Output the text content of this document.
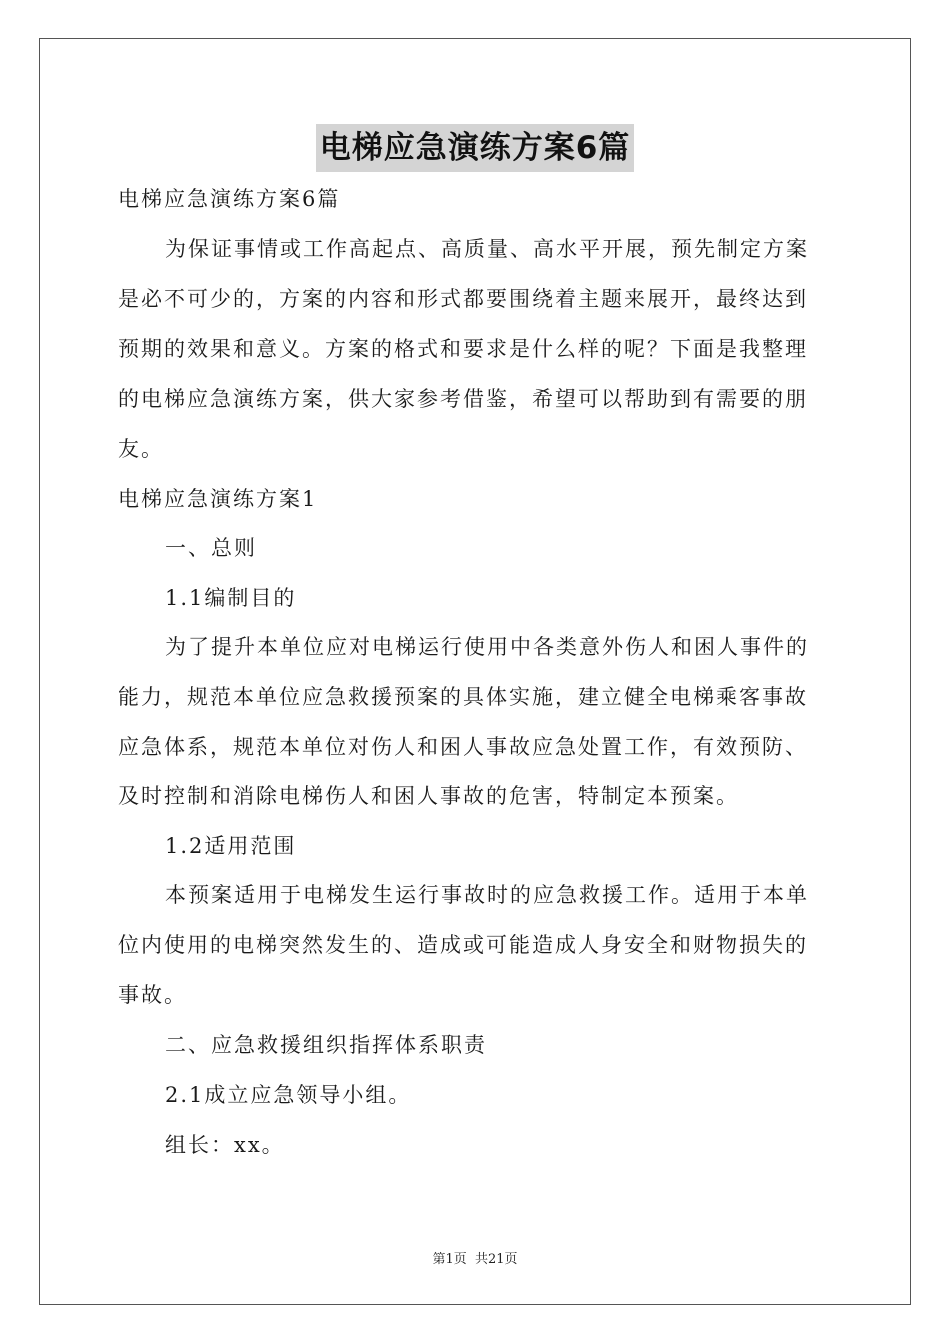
电梯应急演练方案6篇
电梯应急演练方案6篇
为保证事情或工作高起点、高质量、高水平开展，预先制定方案
是必不可少的，方案的内容和形式都要围绕着主题来展开，最终达到
预期的效果和意义。方案的格式和要求是什么样的呢？下面是我整理
的电梯应急演练方案，供大家参考借鉴，希望可以帮助到有需要的朋
友。
电梯应急演练方案1
一、总则
1.1编制目的
为了提升本单位应对电梯运行使用中各类意外伤人和困人事件的
能力，规范本单位应急救援预案的具体实施，建立健全电梯乘客事故
应急体系，规范本单位对伤人和困人事故应急处置工作，有效预防、
及时控制和消除电梯伤人和困人事故的危害，特制定本预案。
1.2适用范围
本预案适用于电梯发生运行事故时的应急救援工作。适用于本单
位内使用的电梯突然发生的、造成或可能造成人身安全和财物损失的
事故。
二、应急救援组织指挥体系职责
2.1成立应急领导小组。
组长：xx。
第1页 共21页
